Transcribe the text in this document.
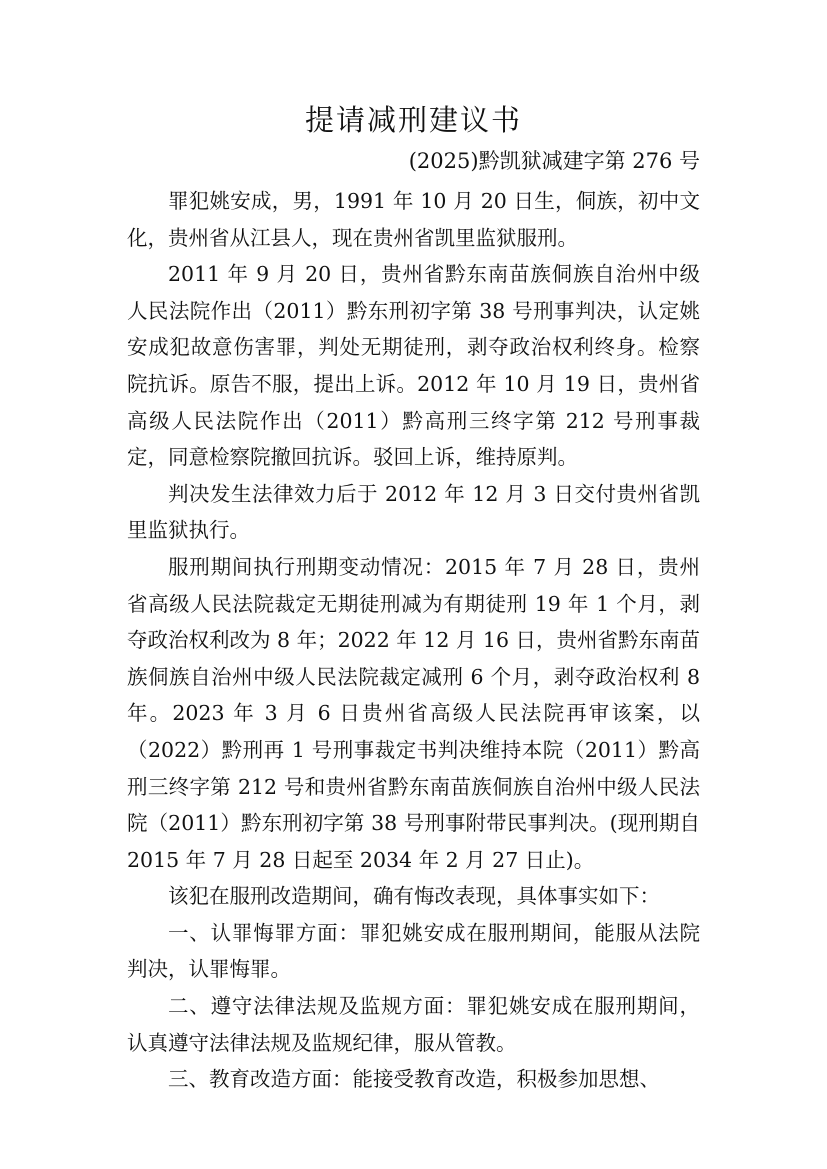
提请减刑建议书
(2025)黔凯狱减建字第 276 号

罪犯姚安成，男，1991 年 10 月 20 日生，侗族，初中文化，贵州省从江县人，现在贵州省凯里监狱服刑。

2011 年 9 月 20 日，贵州省黔东南苗族侗族自治州中级人民法院作出（2011）黔东刑初字第 38 号刑事判决，认定姚安成犯故意伤害罪，判处无期徒刑，剥夺政治权利终身。检察院抗诉。原告不服，提出上诉。2012 年 10 月 19 日，贵州省高级人民法院作出（2011）黔高刑三终字第 212 号刑事裁定，同意检察院撤回抗诉。驳回上诉，维持原判。

判决发生法律效力后于 2012 年 12 月 3 日交付贵州省凯里监狱执行。

服刑期间执行刑期变动情况：2015 年 7 月 28 日，贵州省高级人民法院裁定无期徒刑减为有期徒刑 19 年 1 个月，剥夺政治权利改为 8 年；2022 年 12 月 16 日，贵州省黔东南苗族侗族自治州中级人民法院裁定减刑 6 个月，剥夺政治权利 8 年。2023 年 3 月 6 日贵州省高级人民法院再审该案，以（2022）黔刑再 1 号刑事裁定书判决维持本院（2011）黔高刑三终字第 212 号和贵州省黔东南苗族侗族自治州中级人民法院（2011）黔东刑初字第 38 号刑事附带民事判决。(现刑期自 2015 年 7 月 28 日起至 2034 年 2 月 27 日止)。

该犯在服刑改造期间，确有悔改表现，具体事实如下：

一、认罪悔罪方面：罪犯姚安成在服刑期间，能服从法院判决，认罪悔罪。

二、遵守法律法规及监规方面：罪犯姚安成在服刑期间，认真遵守法律法规及监规纪律，服从管教。

三、教育改造方面：能接受教育改造，积极参加思想、
